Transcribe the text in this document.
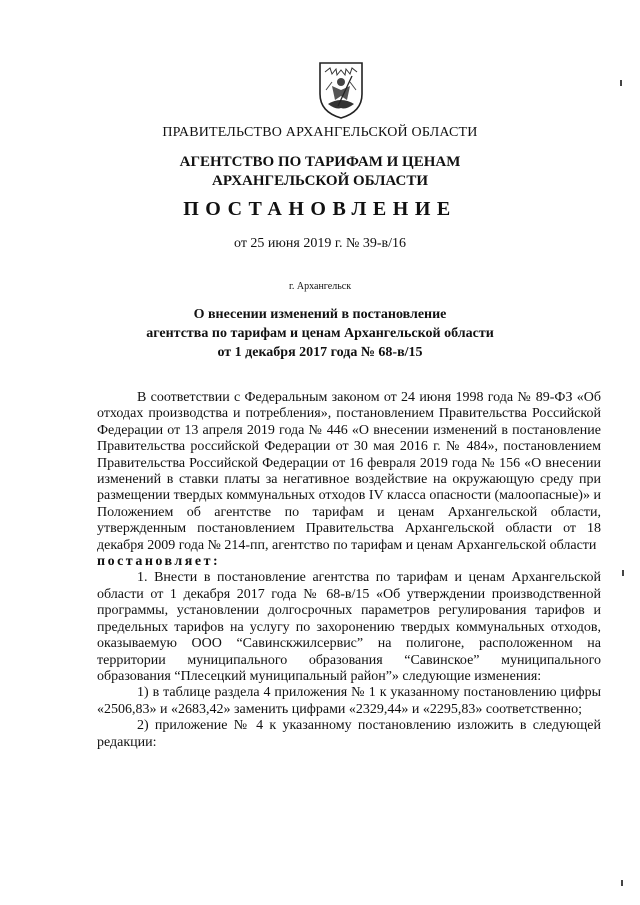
ПРАВИТЕЛЬСТВО АРХАНГЕЛЬСКОЙ ОБЛАСТИ
АГЕНТСТВО ПО ТАРИФАМ И ЦЕНАМ
АРХАНГЕЛЬСКОЙ ОБЛАСТИ
ПОСТАНОВЛЕНИЕ
от 25 июня 2019 г. № 39-в/16
г. Архангельск
О внесении изменений в постановление
агентства по тарифам и ценам Архангельской области
от 1 декабря 2017 года № 68-в/15

В соответствии с Федеральным законом от 24 июня 1998 года № 89-ФЗ «Об отходах производства и потребления», постановлением Правительства Российской Федерации от 13 апреля 2019 года № 446 «О внесении изменений в постановление Правительства российской Федерации от 30 мая 2016 г. № 484», постановлением Правительства Российской Федерации от 16 февраля 2019 года № 156 «О внесении изменений в ставки платы за негативное воздействие на окружающую среду при размещении твердых коммунальных отходов IV класса опасности (малоопасные)» и Положением об агентстве по тарифам и ценам Архангельской области, утвержденным постановлением Правительства Архангельской области от 18 декабря 2009 года № 214-пп, агентство по тарифам и ценам Архангельской области

постановляет:

1. Внести в постановление агентства по тарифам и ценам Архангельской области от 1 декабря 2017 года № 68-в/15 «Об утверждении производственной программы, установлении долгосрочных параметров регулирования тарифов и предельных тарифов на услугу по захоронению твердых коммунальных отходов, оказываемую ООО “Савинскжилсервис” на полигоне, расположенном на территории муниципального образования “Савинское” муниципального образования “Плесецкий муниципальный район”» следующие изменения:

1) в таблице раздела 4 приложения № 1 к указанному постановлению цифры «2506,83» и «2683,42» заменить цифрами «2329,44» и «2295,83» соответственно;

2) приложение № 4 к указанному постановлению изложить в следующей редакции:
